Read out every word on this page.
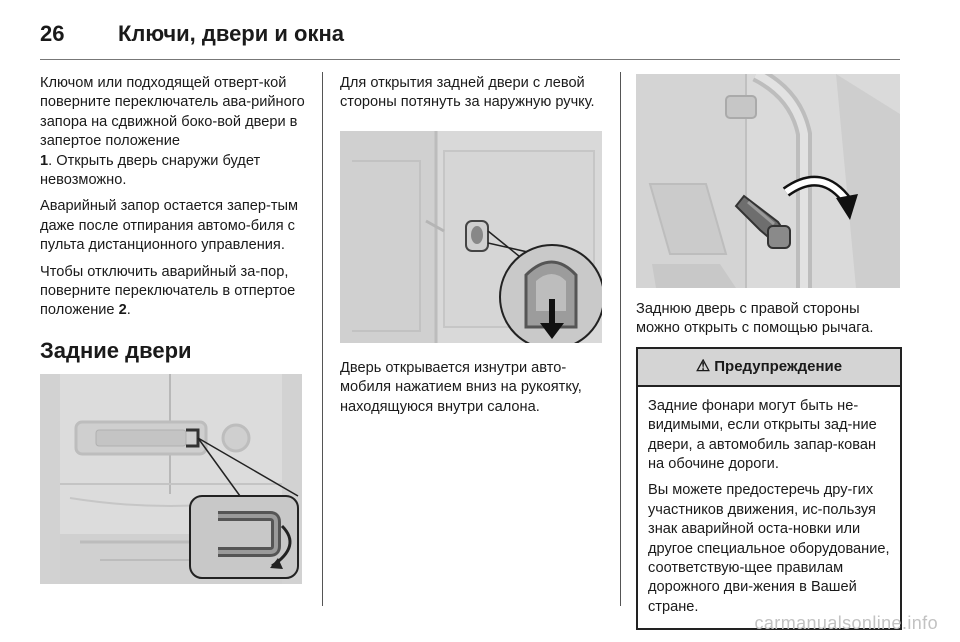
26	Ключи, двери и окна

Ключом или подходящей отверт-кой поверните переключатель ава-рийного запора на сдвижной боко-вой двери в запертое положение
1. Открыть дверь снаружи будет невозможно.

Аварийный запор остается запер-тым даже после отпирания автомо-биля с пульта дистанционного управления.

Чтобы отключить аварийный за-пор, поверните переключатель в отпертое положение 2.

Задние двери

Для открытия задней двери с левой стороны потянуть за наружную ручку.

Дверь открывается изнутри авто-мобиля нажатием вниз на рукоятку, находящуюся внутри салона.

Заднюю дверь с правой стороны можно открыть с помощью рычага.

⚠ Предупреждение

Задние фонари могут быть не-видимыми, если открыты зад-ние двери, а автомобиль запар-кован на обочине дороги.

Вы можете предостеречь дру-гих участников движения, ис-пользуя знак аварийной оста-новки или другое специальное оборудование, соответствую-щее правилам дорожного дви-жения в Вашей стране.

carmanualsonline.info
